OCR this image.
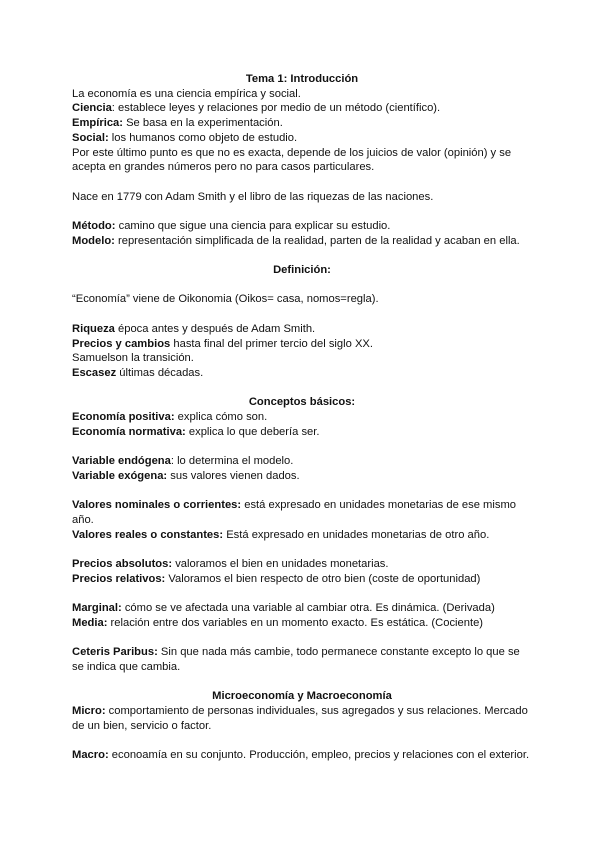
Tema 1: Introducción

La economía es una ciencia empírica y social.

Ciencia: establece leyes y relaciones por medio de un método (científico).

Empírica: Se basa en la experimentación.

Social: los humanos como objeto de estudio.

Por este último punto es que no es exacta, depende de los juicios de valor (opinión) y se acepta en grandes números pero no para casos particulares.

Nace en 1779 con Adam Smith y el libro de las riquezas de las naciones.

Método: camino que sigue una ciencia para explicar su estudio.

Modelo: representación simplificada de la realidad, parten de la realidad y acaban en ella.

Definición:

“Economía” viene de Oikonomia (Oikos= casa, nomos=regla).

Riqueza época antes y después de Adam Smith.

Precios y cambios hasta final del primer tercio del siglo XX.

Samuelson la transición.

Escasez últimas décadas.

Conceptos básicos:

Economía positiva: explica cómo son.

Economía normativa: explica lo que debería ser.

Variable endógena: lo determina el modelo.

Variable exógena: sus valores vienen dados.

Valores nominales o corrientes: está expresado en unidades monetarias de ese mismo año.

Valores reales o constantes: Está expresado en unidades monetarias de otro año.

Precios absolutos: valoramos el bien en unidades monetarias.

Precios relativos: Valoramos el bien respecto de otro bien (coste de oportunidad)

Marginal: cómo se ve afectada una variable al cambiar otra. Es dinámica. (Derivada)

Media: relación entre dos variables en un momento exacto. Es estática. (Cociente)

Ceteris Paribus: Sin que nada más cambie, todo permanece constante excepto lo que se se indica que cambia.

Microeconomía y Macroeconomía

Micro: comportamiento de personas individuales, sus agregados y sus relaciones. Mercado de un bien, servicio o factor.

Macro: econoamía en su conjunto. Producción, empleo, precios y relaciones con el exterior.
